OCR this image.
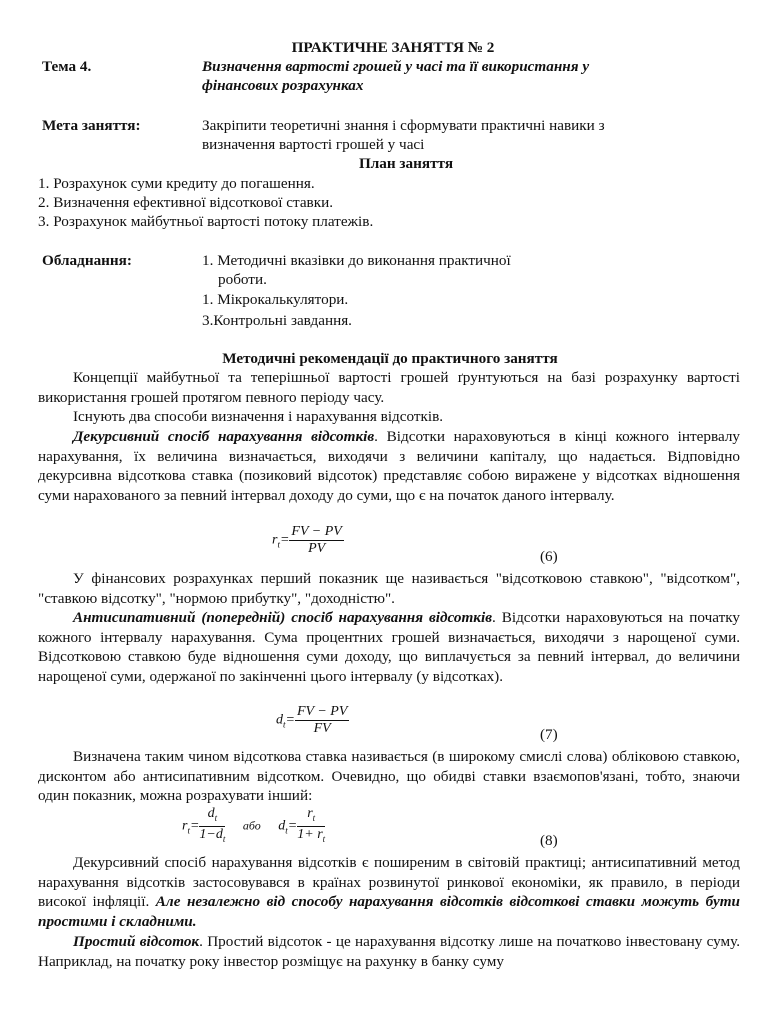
ПРАКТИЧНЕ ЗАНЯТТЯ № 2
Тема 4.	Визначення вартості грошей у часі та її використання у
фінансових розрахунках
Мета заняття:	Закріпити теоретичні знання і сформувати практичні навики з
визначення вартості грошей у часі
План заняття
1. Розрахунок суми кредиту до погашення.
2. Визначення ефективної відсоткової ставки.
3. Розрахунок майбутньої вартості потоку платежів.
Обладнання:	1. Методичні вказівки до виконання практичної
роботи.
1. Мікрокалькулятори.
3.Контрольні завдання.
Методичні рекомендації до практичного заняття
Концепції майбутньої та теперішньої вартості грошей ґрунтуються на базі розрахунку вартості використання грошей протягом певного періоду часу.
Існують два способи визначення і нарахування відсотків.
Декурсивний спосіб нарахування відсотків. Відсотки нараховуються в кінці кожного інтервалу нарахування, їх величина визначається, виходячи з величини капіталу, що надається. Відповідно декурсивна відсоткова ставка (позиковий відсоток) представляє собою виражене у відсотках відношення суми нарахованого за певний інтервал доходу до суми, що є на початок даного інтервалу.
$r_t= \frac{FV - PV}{PV}$	(6)
У фінансових розрахунках перший показник ще називається "відсотковою ставкою", "відсотком", "ставкою відсотку", "нормою прибутку", "доходністю".
Антисипативний (попередній) спосіб нарахування відсотків. Відсотки нараховуються на початку кожного інтервалу нарахування. Сума процентних грошей визначається, виходячи з нарощеної суми. Відсотковою ставкою буде відношення суми доходу, що виплачується за певний інтервал, до величини нарощеної суми, одержаної по закінченні цього інтервалу (у відсотках).
$d_t= \frac{FV - PV}{FV}$	(7)
Визначена таким чином відсоткова ставка називається (в широкому смислі слова) обліковою ставкою, дисконтом або антисипативним відсотком. Очевидно, що обидві ставки взаємопов'язані, тобто, знаючи один показник, можна розрахувати інший:
$r_t= \frac{d_t}{1-d_t}$ або $d_t= \frac{r_t}{1+ r_t}$	(8)
Декурсивний спосіб нарахування відсотків є поширеним в світовій практиці; антисипативний метод нарахування відсотків застосовувався в країнах розвинутої ринкової економіки, як правило, в періоди високої інфляції. Але незалежно від способу нарахування відсотків відсоткові ставки можуть бути простими і складними.
Простий відсоток. Простий відсоток - це нарахування відсотку лише на початково інвестовану суму. Наприклад, на початку року інвестор розміщує на рахунку в банку суму
